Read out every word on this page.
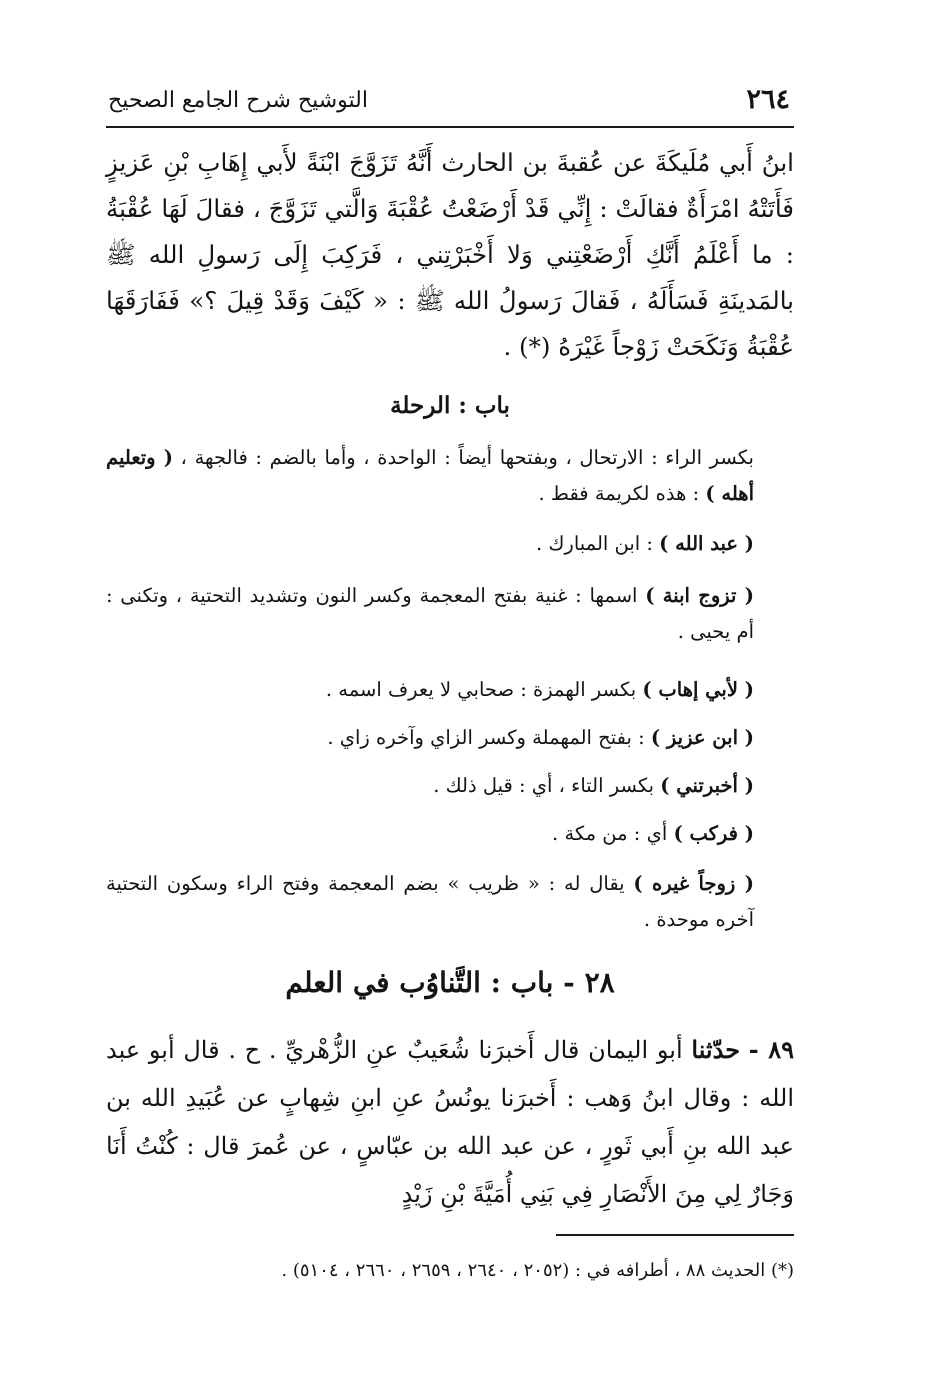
٢٦٤
التوشيح شرح الجامع الصحيح
ابنُ أَبي مُلَيكَةَ عن عُقبةَ بن الحارث أَنَّهُ تَزَوَّجَ ابْنَةً لأَبي إِهَابِ بْنِ عَزيزٍ فَأَتَتْهُ امْرَأَةٌ فقالَتْ : إِنِّي قَدْ أَرْضَعْتُ عُقْبَةَ وَالَّتي تَزَوَّجَ ، فقالَ لَهَا عُقْبَةُ : ما أَعْلَمُ أَنَّكِ أَرْضَعْتِني وَلا أَخْبَرْتِني ، فَرَكِبَ إِلَى رَسولِ الله ﷺ بالمَدينَةِ فَسَأَلَهُ ، فَقالَ رَسولُ الله ﷺ : « كَيْفَ وَقَدْ قِيلَ ؟» فَفَارَقَهَا عُقْبَةُ وَنَكَحَتْ زَوْجاً غَيْرَهُ (*) .
باب : الرحلة

بكسر الراء : الارتحال ، وبفتحها أيضاً : الواحدة ، وأما بالضم : فالجهة ، ( وتعليم أهله ) : هذه لكريمة فقط .

( عبد الله ) : ابن المبارك .

( تزوج ابنة ) اسمها : غنية بفتح المعجمة وكسر النون وتشديد التحتية ، وتكنى : أم يحيى .

( لأبي إهاب ) بكسر الهمزة : صحابي لا يعرف اسمه .

( ابن عزيز ) : بفتح المهملة وكسر الزاي وآخره زاي .

( أخبرتني ) بكسر التاء ، أي : قيل ذلك .

( فركب ) أي : من مكة .

( زوجاً غيره ) يقال له : « ظريب » بضم المعجمة وفتح الراء وسكون التحتية آخره موحدة .

٢٨ - باب : التَّناوُب في العلم
٨٩ - حدّثنا أبو اليمان قال أَخبرَنا شُعَيبٌ عنِ الزُّهْريِّ . ح . قال أبو عبد الله : وقال ابنُ وَهب : أَخبرَنا يونُسُ عنِ ابنِ شِهابٍ عن عُبَيدِ الله بن عبد الله بنِ أَبي ثَورٍ ، عن عبد الله بن عبّاسٍ ، عن عُمرَ قال : كُنْتُ أَنَا وَجَارٌ لِي مِنَ الأَنْصَارِ فِي بَنِي أُمَيَّةَ بْنِ زَيْدٍ
(*) الحديث ٨٨ ، أطرافه في : (٢٠٥٢ ، ٢٦٤٠ ، ٢٦٥٩ ، ٢٦٦٠ ، ٥١٠٤) .
